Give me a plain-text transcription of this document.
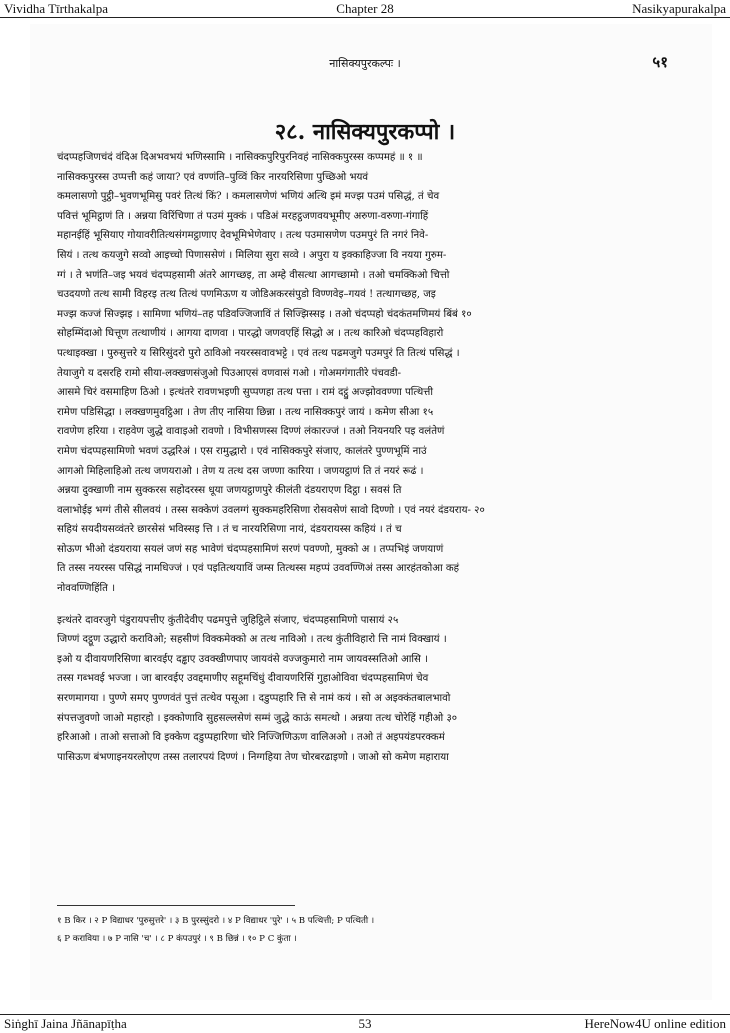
Vividha Tīrthakalpa	Chapter 28	Nasikyapurakalpa
नासिक्यपुरकल्पः ।	५१
२८. नासिक्यपुरकप्पो ।
चंदप्पहजिणचंदं वंदिअ दिअभवभयं भणिस्सामि । नासिक्कपुरिपुरनिवहं नासिक्कपुरस्स कप्पमहं ॥ १ ॥
नासिक्कपुरस्स उप्पत्ती कहं जाया? एवं वण्णंति–पुव्विं किर नारयरिसिणा पुच्छिओ भयवं
कमलासणो पुट्ठी–भुवणभूमिसु पवरं तित्थं किं? । कमलासणेणं भणियं अत्थि इमं मज्झ पउमं पसिद्धं, तं चेव
पवित्तं भूमिट्ठाणं ति । अन्नया विरिंचिणा तं पउमं मुक्कं । पडिअं मरहट्ठजणवयभूमीए अरुणा-वरुणा-गंगाहिं
महानईहिं भूसियाए गोयावरीतित्थसंगमट्ठाणाए देवभूमिभेणेवाए । तत्थ पउमासणेण पउमपुरं ति नगरं निवे-
सियं । तत्थ कयजुगे सव्वो आइच्चो पिणाससेणं । मिलिया सुरा सव्वे । अपुरा य इक्काहिज्जा वि नयया गुरुम-
ग्गं । ते भणंति–जइ भयवं चंदप्पहसामी अंतरे आगच्छइ, ता अम्हे वीसत्था आगच्छामो । तओ चमक्किओ चित्तो
चउदयणो तत्थ सामी विहरइ तत्थ तित्थं पणमिऊण य जोडिअकरसंपुडो विण्णवेइ–गयवं ! तत्थागच्छह, जइ
मज्झ कज्जं सिज्झइ । सामिणा भणियं–तह पडिवज्जिजाविं तं सिज्झिस्सइ । तओ चंदप्पहो चंदकंतमणिमयं बिंबं १०
सोहम्मिंदाओ घित्तूण तत्थाणीयं । आगया दाणवा । पारद्धो जणवएहिं सिद्धो अ । तत्थ कारिओ चंदप्पहविहारो
पत्थाइक्खा । पुरुसुत्तरे य सिरिसुंदरो पुरो ठाविओ नयरस्सवावभट्टे । एवं तत्थ पढमजुगे पउमपुरं ति तित्थं पसिद्धं ।
तेयाजुगे य दसरहि रामो सीया-लक्खणसंजुओ पिउआएसं वणवासं गओ । गोअमगंगातीरे पंचवडी-
आसमे चिरं वसमाहिण ठिओ । इत्थंतरे रावणभइणी सुप्पणहा तत्थ पत्ता । रामं दट्ठुं अज्झोववण्णा पत्थित्ती
रामेण पडिसिद्धा । लक्खणमुवट्ठिआ । तेण तीए नासिया छिन्ना । तत्थ नासिक्कपुरं जायं । कमेण सीआ १५
रावणेण हरिया । राहवेण जुद्धे वावाइओ रावणो । विभीसणस्स दिण्णं लंकारज्जं । तओ नियनयरि पइ वलंतेणं
रामेण चंदप्पहसामिणो भवणं उद्धरिअं । एस रामुद्धारो । एवं नासिक्कपुरे संजाए, कालंतरे पुण्णभूमिं नाउं
आगओ मिहिलाहिओ तत्थ जणयराओ । तेण य तत्थ दस जण्णा कारिया । जणयट्ठाणं ति तं नयरं रूढं ।
अन्नया दुक्खाणी नाम सुक्करस सहोदरस्स धूया जणयट्ठाणपुरे कीलंती दंडयराएण दिट्ठा । सवसं ति
वलाभोईइ भग्गं तीसे सीलवयं । तस्स सक्केणं उवलग्गं सुक्कमहरिसिणा रोसवसेणं सावो दिण्णो । एवं नयरं दंडयराय- २०
सहियं सयदीयसव्वंतरे छारसेसं भविस्सइ त्ति । तं च नारयरिसिणा नायं, दंडयरायस्स कहियं । तं च
सोऊण भीओ दंडयराया सयलं जणं सह भावेणं चंदप्पहसामिणं सरणं पवण्णो, मुक्को अ । तप्पभिइं जणयाणं
ति तस्स नयरस्स पसिद्धं नामधिज्जं । एवं पइतित्थयाविं जम्स तित्थस्स महप्पं उववण्णिअं तस्स आरहंतकोआ कहं
नोववण्णिहिंति ।
इत्थंतरे दावरजुगे पंडुरायपत्तीए कुंतीदेवीए पढमपुत्ते जुहिट्ठिले संजाए, चंदप्पहसामिणो पासायं २५
जिण्णं दट्ठूण उद्धारो कराविओ; सहसीणं विक्कमेक्को अ तत्थ नाविओ । तत्थ कुंतीविहारो त्ति नामं विक्खायं ।
इओ य दीवायणरिसिणा बारवईए दड्ढाए उवक्खीणपाए जायवंसे वज्जकुमारो नाम जायवस्सतिओ आसि ।
तस्स गब्भवई भज्जा । जा बारवईए उवद्दमाणीए सहूमचिंधुं दीवायणरिसिं गुहाओविवा चंदप्पहसामिणं चेव
सरणमागया । पुण्णे समए पुण्णवंतं पुत्तं तत्थेव पसूआ । दडुप्पहारि त्ति से नामं कयं । सो अ अइक्कंतबालभावो
संपत्तजुवणो जाओ महारहो । इक्कोणावि सुहसल्लसेणं सम्मं जुद्धे काऊं समत्थो । अन्नया तत्थ चोरेहिं गहीओ ३०
हरिआओ । ताओ सत्ताओ वि इक्केण दडुप्पहारिणा चोरे निज्जिणिऊण वालिअओ । तओ तं अइपयंडपरक्कमं
पासिऊण बंभणाइनयरलोएण तस्स तलारपयं दिण्णं । निग्गहिया तेण चोरबरढाइणो । जाओ सो कमेण महाराया
१ B किर । २ P विद्याधर 'पुरुसुत्तरे' । ३ B पुरस्सुंदरो । ४ P विद्याधर 'पुरे' । ५ B पत्थित्ती; P पत्थिती ।
६ P कराविया । ७ P नासि 'च' । ८ P कंपउपुरं । ९ B छिन्नं । १० P C कुंता ।
Siṅghī Jaina Jñānapīṭha	53	HereNow4U online edition
